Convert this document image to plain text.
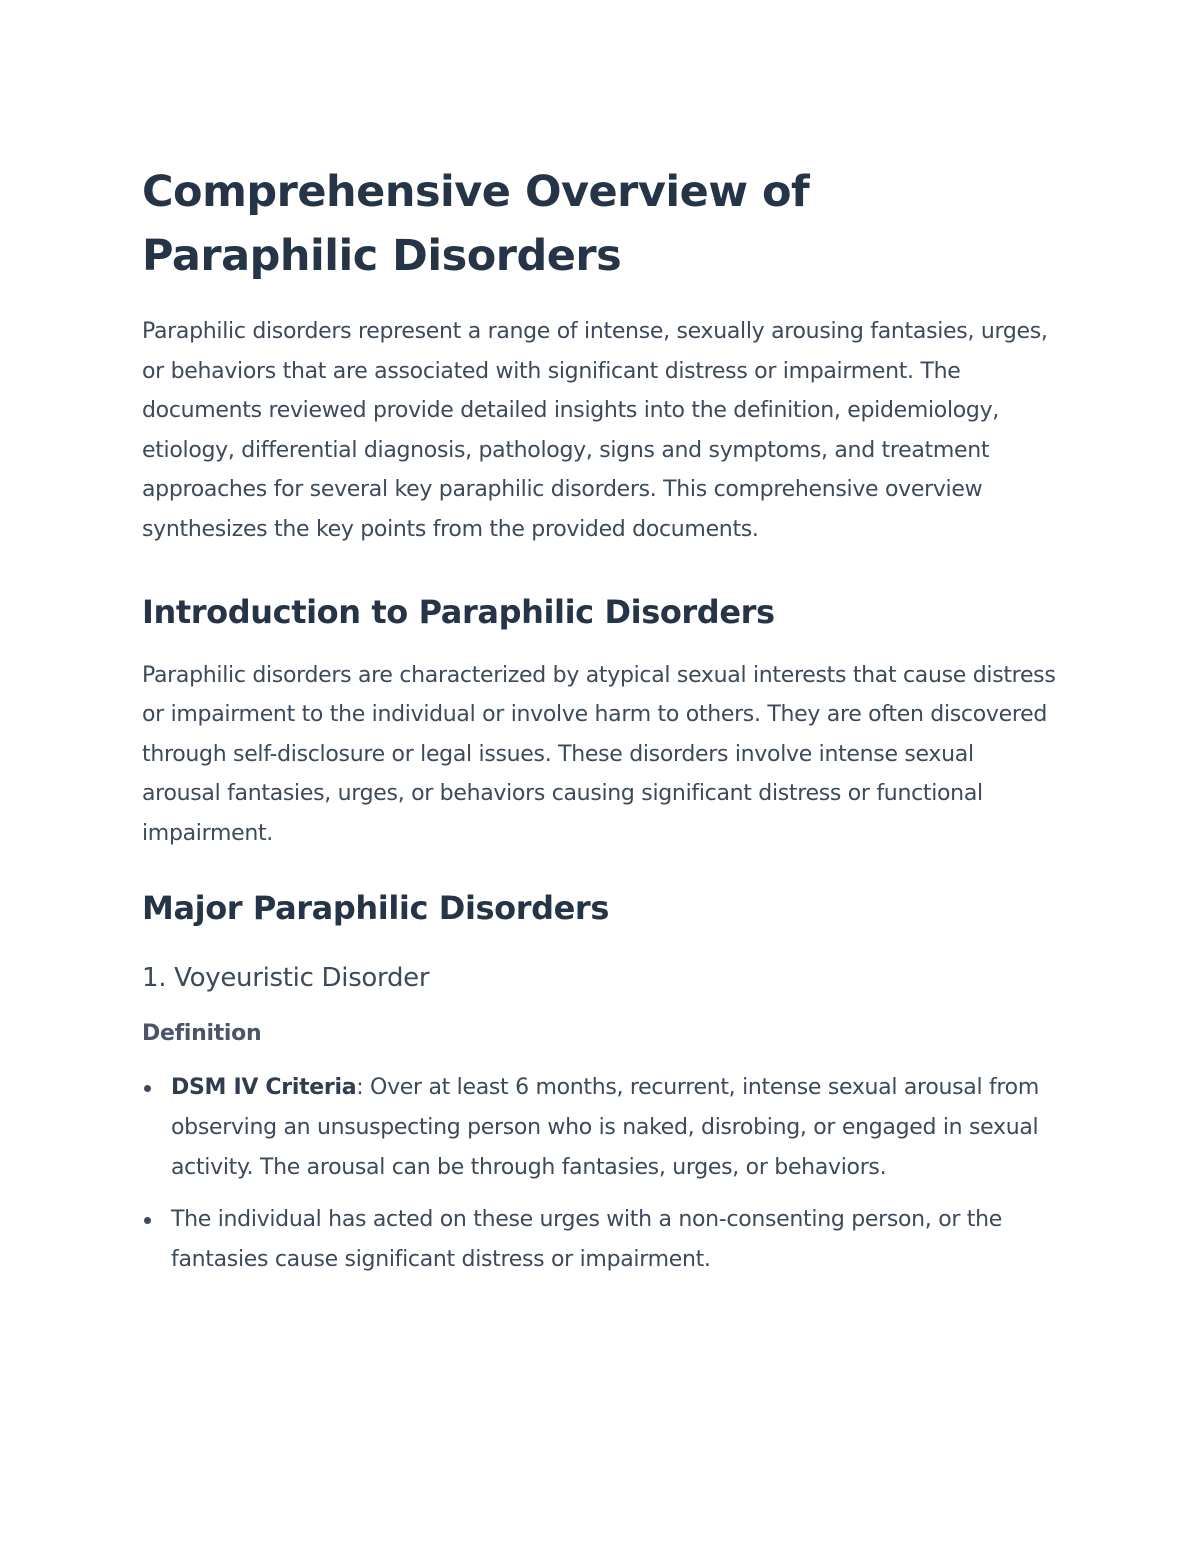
Comprehensive Overview of Paraphilic Disorders

Paraphilic disorders represent a range of intense, sexually arousing fantasies, urges, or behaviors that are associated with significant distress or impairment. The documents reviewed provide detailed insights into the definition, epidemiology, etiology, differential diagnosis, pathology, signs and symptoms, and treatment approaches for several key paraphilic disorders. This comprehensive overview synthesizes the key points from the provided documents.

Introduction to Paraphilic Disorders

Paraphilic disorders are characterized by atypical sexual interests that cause distress or impairment to the individual or involve harm to others. They are often discovered through self-disclosure or legal issues. These disorders involve intense sexual arousal fantasies, urges, or behaviors causing significant distress or functional impairment.

Major Paraphilic Disorders
1. Voyeuristic Disorder
Definition
DSM IV Criteria: Over at least 6 months, recurrent, intense sexual arousal from observing an unsuspecting person who is naked, disrobing, or engaged in sexual activity. The arousal can be through fantasies, urges, or behaviors.
The individual has acted on these urges with a non-consenting person, or the fantasies cause significant distress or impairment.
